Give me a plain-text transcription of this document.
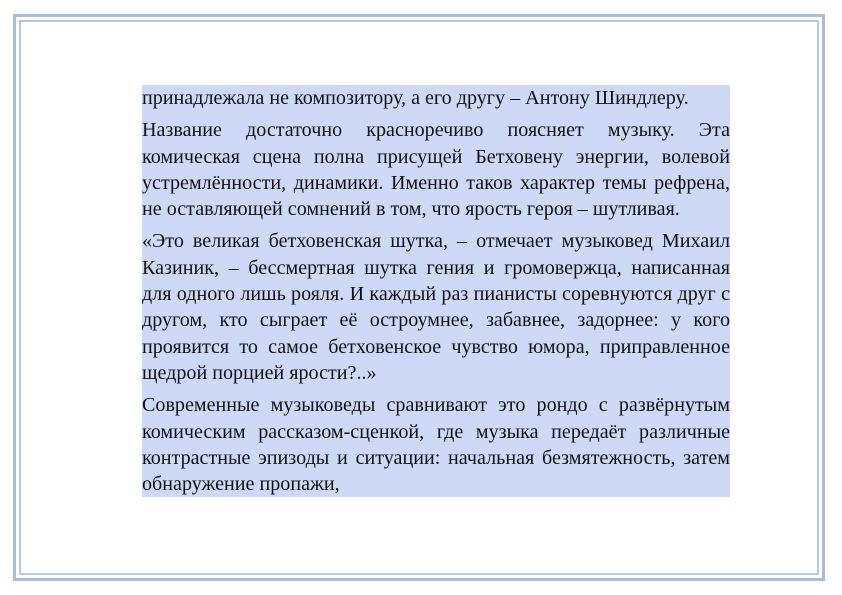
принадлежала не композитору, а его другу – Антону Шиндлеру.

Название достаточно красноречиво поясняет музыку. Эта комическая сцена полна присущей Бетховену энергии, волевой устремлённости, динамики. Именно таков характер темы рефрена, не оставляющей сомнений в том, что ярость героя – шутливая.

«Это великая бетховенская шутка, – отмечает музыковед Михаил Казиник, – бессмертная шутка гения и громовержца, написанная для одного лишь рояля. И каждый раз пианисты соревнуются друг с другом, кто сыграет её остроумнее, забавнее, задорнее: у кого проявится то самое бетховенское чувство юмора, приправленное щедрой порцией ярости?..»

Современные музыковеды сравнивают это рондо с развёрнутым комическим рассказом-сценкой, где музыка передаёт различные контрастные эпизоды и ситуации: начальная безмятежность, затем обнаружение пропажи,
